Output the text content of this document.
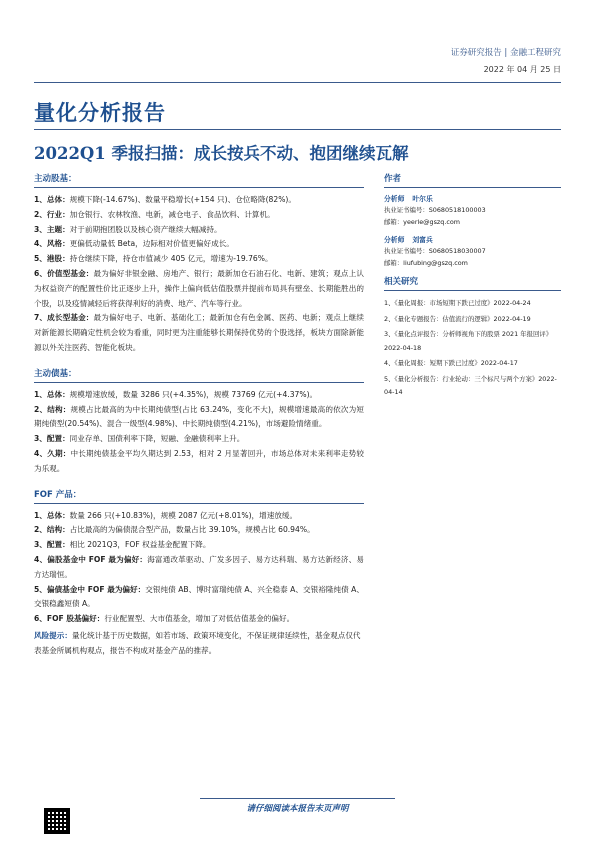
证券研究报告 | 金融工程研究
2022 年 04 月 25 日
量化分析报告
2022Q1 季报扫描：成长按兵不动、抱团继续瓦解
主动股基：
1、总体：规模下降(-14.67%)、数量平稳增长(+154 只)、仓位略降(82%)。
2、行业：加仓银行、农林牧渔、电新，减仓电子、食品饮料、计算机。
3、主题：对于前期抱团股以及核心资产继续大幅减持。
4、风格：更偏低动量低 Beta，边际相对价值更偏好成长。
5、港股：持仓继续下降，持仓市值减少 405 亿元，增速为-19.76%。
6、价值型基金：最为偏好非银金融、房地产、银行；最新加仓石油石化、电新、建筑；观点上认为权益资产的配置性价比正逐步上升，操作上偏向低估值股票并提前布局具有壁垒、长期能胜出的个股，以及疫情减轻后将获得利好的消费、地产、汽车等行业。
7、成长型基金：最为偏好电子、电新、基础化工；最新加仓有色金属、医药、电新；观点上继续对新能源长期确定性机会较为看重，同时更为注重能够长期保持优势的个股选择，板块方面除新能源以外关注医药、智能化板块。
主动债基：
1、总体：规模增速放缓，数量 3286 只(+4.35%)，规模 73769 亿元(+4.37%)。
2、结构：规模占比最高的为中长期纯债型(占比 63.24%，变化不大)，规模增速最高的依次为短期纯债型(20.54%)、混合一级型(4.98%)、中长期纯债型(4.21%)，市场避险情绪重。
3、配置：同业存单、国债利率下降，短融、金融债利率上升。
4、久期：中长期纯债基金平均久期达到 2.53，相对 2 月显著回升，市场总体对未来利率走势较为乐观。
FOF 产品：
1、总体：数量 266 只(+10.83%)，规模 2087 亿元(+8.01%)，增速放缓。
2、结构：占比最高的为偏债混合型产品，数量占比 39.10%，规模占比 60.94%。
3、配置：相比 2021Q3，FOF 权益基金配置下降。
4、偏股基金中 FOF 最为偏好：海富通改革驱动、广发多因子、易方达科瑞、易方达新经济、易方达瑞恒。
5、偏债基金中 FOF 最为偏好：交银纯债 AB、博时富瑞纯债 A、兴全稳泰 A、交银裕隆纯债 A、交银稳鑫短债 A。
6、FOF 股基偏好：行业配置型、大市值基金，增加了对低估值基金的偏好。
风险提示：量化统计基于历史数据，如若市场、政策环境变化，不保证规律延续性，基金观点仅代表基金所属机构观点，报告不构成对基金产品的推荐。
作者
分析师 叶尔乐
执业证书编号：S0680518100003
邮箱：yeerle@gszq.com
分析师 刘富兵
执业证书编号：S0680518030007
邮箱：liufubing@gszq.com
相关研究
1、《量化周报：市场短期下跌已过度》2022-04-24
2、《量化专题报告：估值流行的逻辑》2022-04-19
3、《量化点评报告：分析师视角下的股票 2021 年报回评》2022-04-18
4、《量化周报：短期下跌已过度》2022-04-17
5、《量化分析报告：行业轮动：三个标尺与两个方案》2022-04-14
请仔细阅读本报告末页声明
